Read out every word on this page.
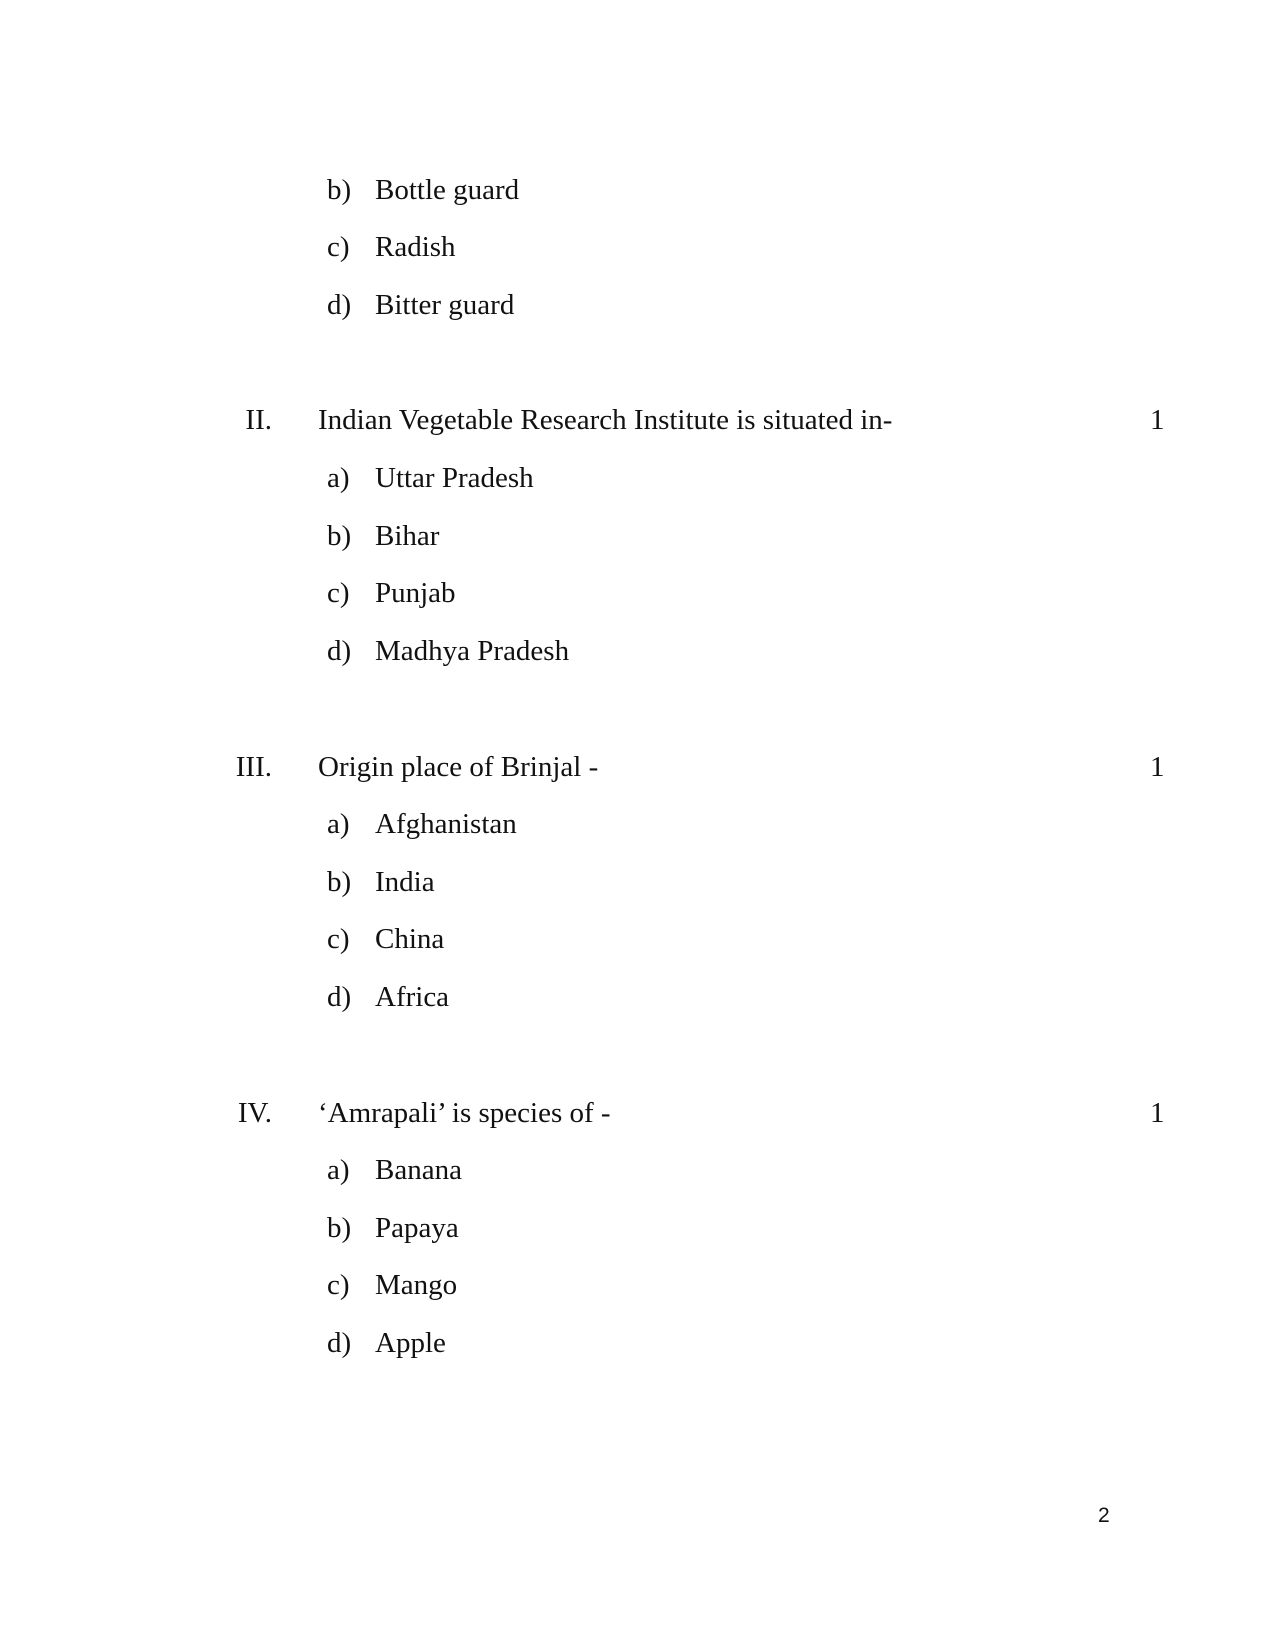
b) Bottle guard
c) Radish
d) Bitter guard
II. Indian Vegetable Research Institute is situated in-	1
a) Uttar Pradesh
b) Bihar
c) Punjab
d) Madhya Pradesh
III. Origin place of Brinjal -	1
a) Afghanistan
b) India
c) China
d) Africa
IV. ‘Amrapali’ is species of -	1
a) Banana
b) Papaya
c) Mango
d) Apple
2
